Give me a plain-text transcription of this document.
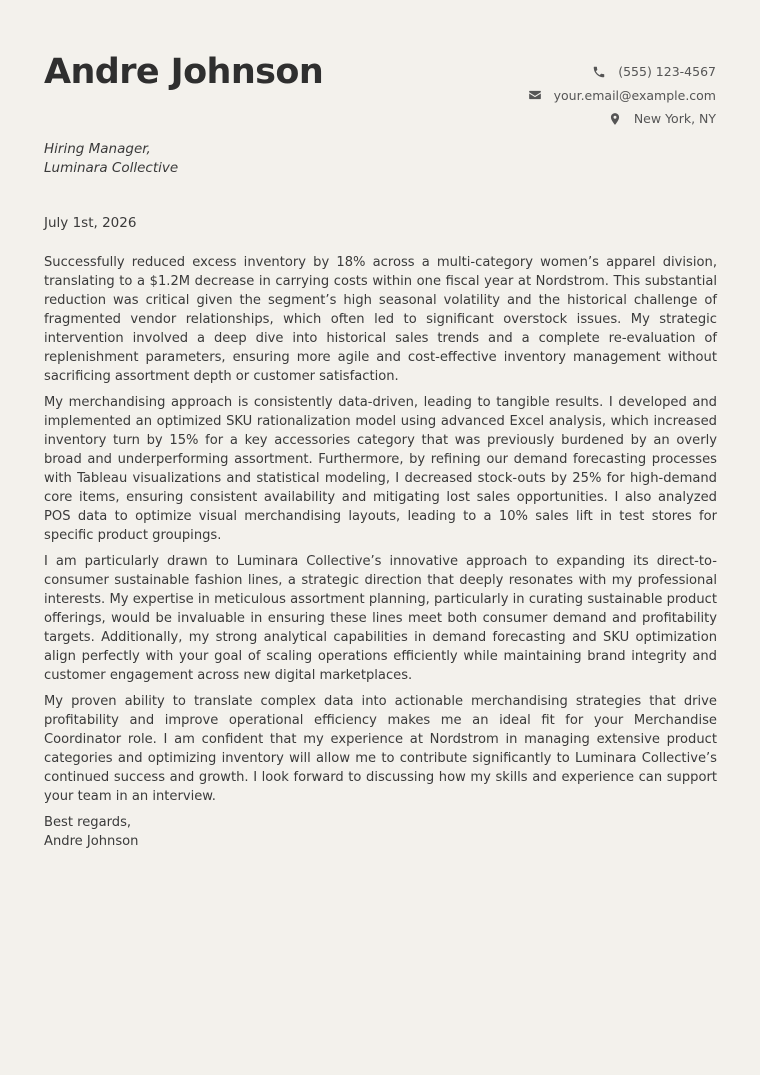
Andre Johnson	(555) 123-4567
your.email@example.com
New York, NY
Hiring Manager,
Luminara Collective
July 1st, 2026

Successfully reduced excess inventory by 18% across a multi-category women’s apparel division, translating to a $1.2M decrease in carrying costs within one fiscal year at Nordstrom. This substantial reduction was critical given the segment’s high seasonal volatility and the historical challenge of fragmented vendor relationships, which often led to significant overstock issues. My strategic intervention involved a deep dive into historical sales trends and a complete re-evaluation of replenishment parameters, ensuring more agile and cost-effective inventory management without sacrificing assortment depth or customer satisfaction.

My merchandising approach is consistently data-driven, leading to tangible results. I developed and implemented an optimized SKU rationalization model using advanced Excel analysis, which increased inventory turn by 15% for a key accessories category that was previously burdened by an overly broad and underperforming assortment. Furthermore, by refining our demand forecasting processes with Tableau visualizations and statistical modeling, I decreased stock-outs by 25% for high-demand core items, ensuring consistent availability and mitigating lost sales opportunities. I also analyzed POS data to optimize visual merchandising layouts, leading to a 10% sales lift in test stores for specific product groupings.

I am particularly drawn to Luminara Collective’s innovative approach to expanding its direct-to-consumer sustainable fashion lines, a strategic direction that deeply resonates with my professional interests. My expertise in meticulous assortment planning, particularly in curating sustainable product offerings, would be invaluable in ensuring these lines meet both consumer demand and profitability targets. Additionally, my strong analytical capabilities in demand forecasting and SKU optimization align perfectly with your goal of scaling operations efficiently while maintaining brand integrity and customer engagement across new digital marketplaces.

My proven ability to translate complex data into actionable merchandising strategies that drive profitability and improve operational efficiency makes me an ideal fit for your Merchandise Coordinator role. I am confident that my experience at Nordstrom in managing extensive product categories and optimizing inventory will allow me to contribute significantly to Luminara Collective’s continued success and growth. I look forward to discussing how my skills and experience can support your team in an interview.

Best regards,
Andre Johnson
